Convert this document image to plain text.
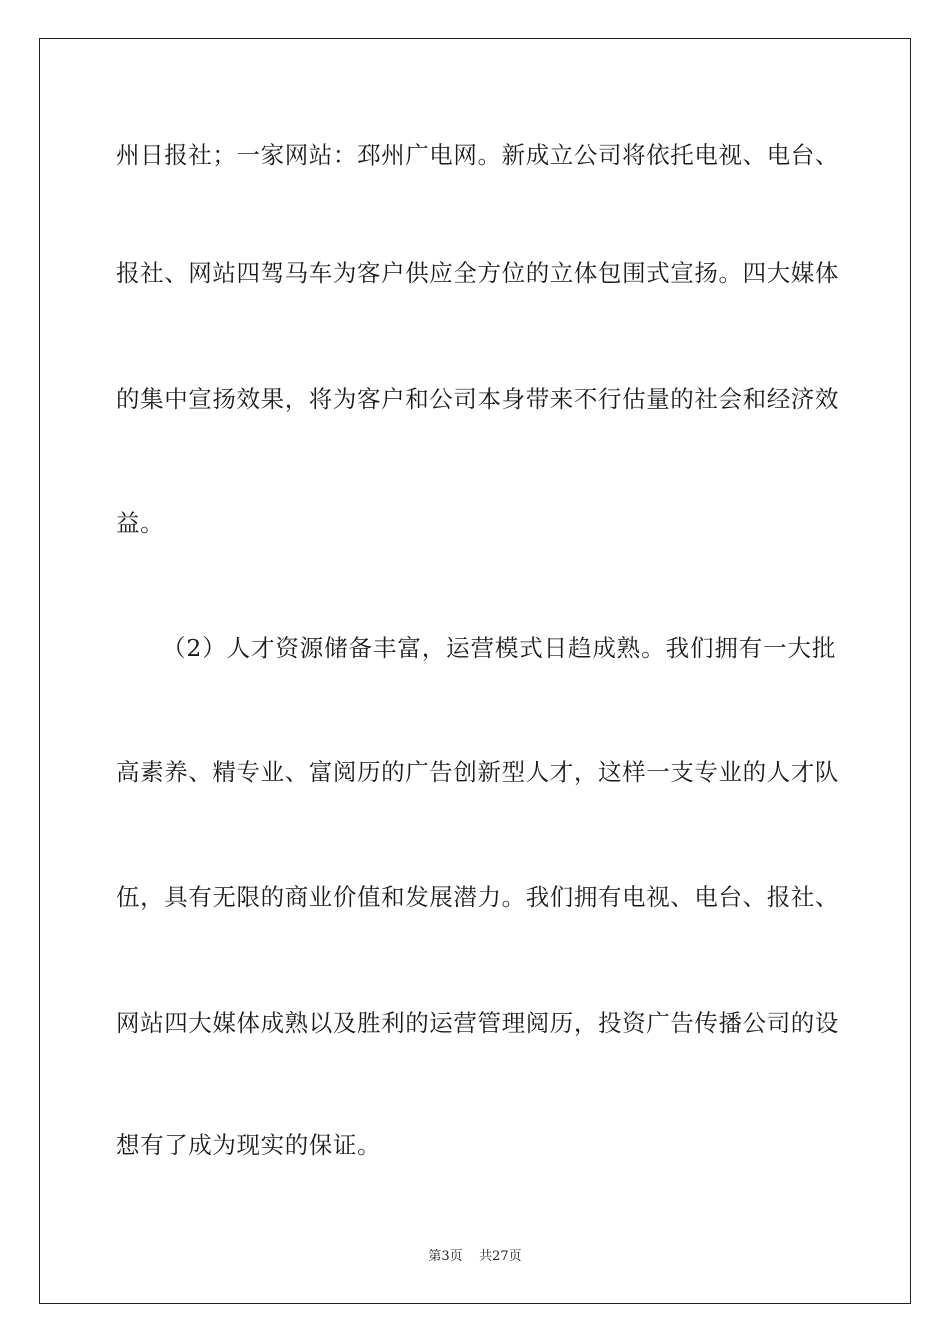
州日报社；一家网站：邳州广电网。新成立公司将依托电视、电台、
报社、网站四驾马车为客户供应全方位的立体包围式宣扬。四大媒体
的集中宣扬效果，将为客户和公司本身带来不行估量的社会和经济效
益。
（2）人才资源储备丰富，运营模式日趋成熟。我们拥有一大批
高素养、精专业、富阅历的广告创新型人才，这样一支专业的人才队
伍，具有无限的商业价值和发展潜力。我们拥有电视、电台、报社、
网站四大媒体成熟以及胜利的运营管理阅历，投资广告传播公司的设
想有了成为现实的保证。
第3页 共27页
